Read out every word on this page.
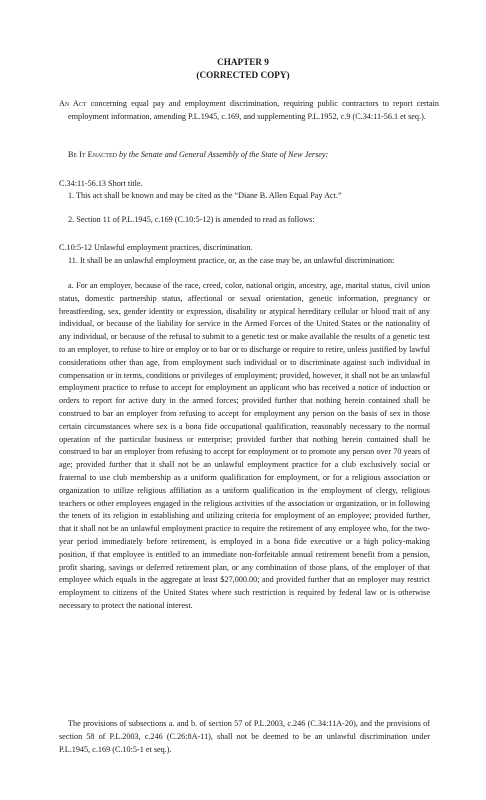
CHAPTER 9
(CORRECTED COPY)
An Act concerning equal pay and employment discrimination, requiring public contractors to report certain employment information, amending P.L.1945, c.169, and supplementing P.L.1952, c.9 (C.34:11-56.1 et seq.).
Be It Enacted by the Senate and General Assembly of the State of New Jersey:
C.34:11-56.13 Short title.
1. This act shall be known and may be cited as the “Diane B. Allen Equal Pay Act.”
2. Section 11 of P.L.1945, c.169 (C.10:5-12) is amended to read as follows:
C.10:5-12 Unlawful employment practices, discrimination.
11. It shall be an unlawful employment practice, or, as the case may be, an unlawful discrimination:
a. For an employer, because of the race, creed, color, national origin, ancestry, age, marital status, civil union status, domestic partnership status, affectional or sexual orientation, genetic information, pregnancy or breastfeeding, sex, gender identity or expression, disability or atypical hereditary cellular or blood trait of any individual, or because of the liability for service in the Armed Forces of the United States or the nationality of any individual, or because of the refusal to submit to a genetic test or make available the results of a genetic test to an employer, to refuse to hire or employ or to bar or to discharge or require to retire, unless justified by lawful considerations other than age, from employment such individual or to discriminate against such individual in compensation or in terms, conditions or privileges of employment; provided, however, it shall not be an unlawful employment practice to refuse to accept for employment an applicant who has received a notice of induction or orders to report for active duty in the armed forces; provided further that nothing herein contained shall be construed to bar an employer from refusing to accept for employment any person on the basis of sex in those certain circumstances where sex is a bona fide occupational qualification, reasonably necessary to the normal operation of the particular business or enterprise; provided further that nothing herein contained shall be construed to bar an employer from refusing to accept for employment or to promote any person over 70 years of age; provided further that it shall not be an unlawful employment practice for a club exclusively social or fraternal to use club membership as a uniform qualification for employment, or for a religious association or organization to utilize religious affiliation as a uniform qualification in the employment of clergy, religious teachers or other employees engaged in the religious activities of the association or organization, or in following the tenets of its religion in establishing and utilizing criteria for employment of an employee; provided further, that it shall not be an unlawful employment practice to require the retirement of any employee who, for the two-year period immediately before retirement, is employed in a bona fide executive or a high policy-making position, if that employee is entitled to an immediate non-forfeitable annual retirement benefit from a pension, profit sharing, savings or deferred retirement plan, or any combination of those plans, of the employer of that employee which equals in the aggregate at least $27,000.00; and provided further that an employer may restrict employment to citizens of the United States where such restriction is required by federal law or is otherwise necessary to protect the national interest.
The provisions of subsections a. and b. of section 57 of P.L.2003, c.246 (C.34:11A-20), and the provisions of section 58 of P.L.2003, c.246 (C.26:8A-11), shall not be deemed to be an unlawful discrimination under P.L.1945, c.169 (C.10:5-1 et seq.).
